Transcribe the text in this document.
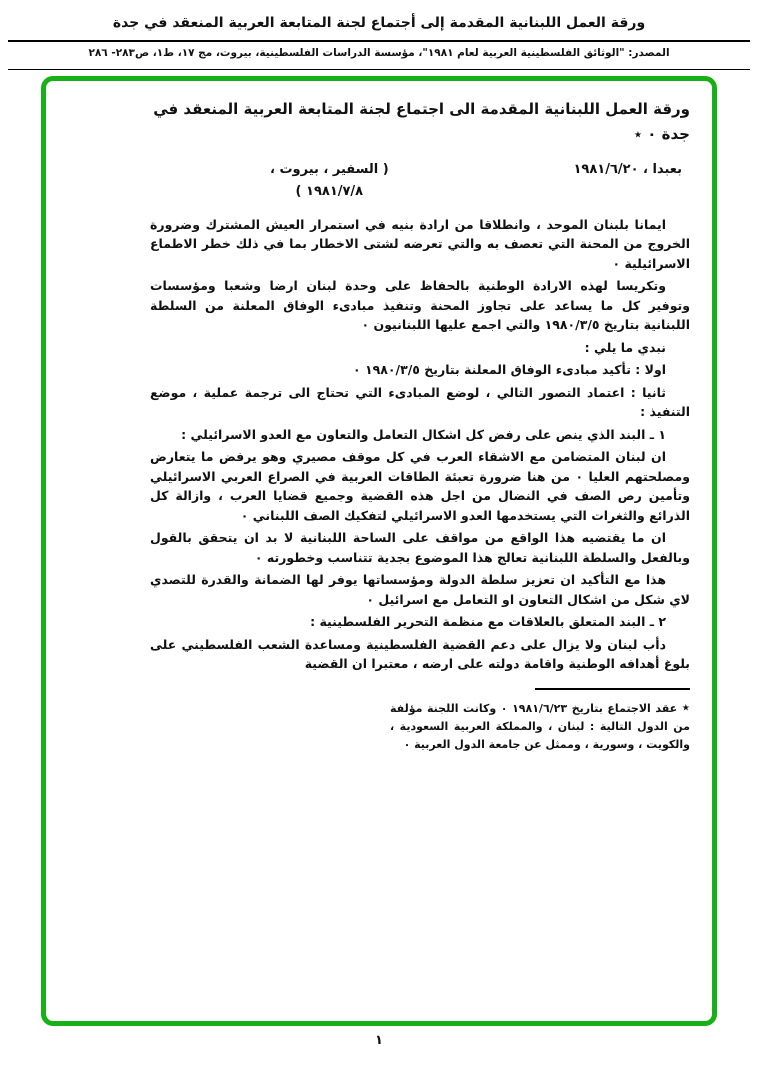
ورقة العمل اللبنانية المقدمة إلى أجتماع لجنة المتابعة العربية المنعقد في جدة
المصدر: "الوثائق الفلسطينية العربية لعام ١٩٨١"، مؤسسة الدراسات الفلسطينية، بيروت، مج ١٧، ط١، ص٢٨٣- ٢٨٦
ورقة العمل اللبنانية المقدمة الى اجتماع لجنة المتابعة العربية المنعقد في جدة ٠ ٭
بعبدا ، ١٩٨١/٦/٢٠
( السفير ، بيروت ،
١٩٨١/٧/٨ )

ايمانا بلبنان الموحد ، وانطلاقا من ارادة بنيه في استمرار العيش المشترك وضرورة الخروج من المحنة التي تعصف به والتي تعرضه لشتى الاخطار بما في ذلك خطر الاطماع الاسرائيلية ٠

وتكريسا لهذه الارادة الوطنية بالحفاظ على وحدة لبنان ارضا وشعبا ومؤسسات وتوفير كل ما يساعد على تجاوز المحنة وتنفيذ مبادىء الوفاق المعلنة من السلطة اللبنانية بتاريخ ١٩٨٠/٣/٥ والتي اجمع عليها اللبنانيون ٠

نبدي ما يلي :

اولا : تأكيد مبادىء الوفاق المعلنة بتاريخ ١٩٨٠/٣/٥ ٠

ثانيا : اعتماد التصور التالي ، لوضع المبادىء التي تحتاج الى ترجمة عملية ، موضع التنفيذ :

١ ـ البند الذي ينص على رفض كل اشكال التعامل والتعاون مع العدو الاسرائيلي :

ان لبنان المتضامن مع الاشقاء العرب في كل موقف مصيري وهو يرفض ما يتعارض ومصلحتهم العليا ٠ من هنا ضرورة تعبئة الطاقات العربية في الصراع العربي الاسرائيلي وتأمين رص الصف في النضال من اجل هذه القضية وجميع قضايا العرب ، وازالة كل الذرائع والثغرات التي يستخدمها العدو الاسرائيلي لتفكيك الصف اللبناني ٠

ان ما يقتضيه هذا الواقع من مواقف على الساحة اللبنانية لا بد ان يتحقق بالقول وبالفعل والسلطة اللبنانية تعالج هذا الموضوع بجدية تتناسب وخطورته ٠

هذا مع التأكيد ان تعزيز سلطة الدولة ومؤسساتها يوفر لها الضمانة والقدرة للتصدي لاي شكل من اشكال التعاون او التعامل مع اسرائيل ٠

٢ ـ البند المتعلق بالعلاقات مع منظمة التحرير الفلسطينية :

دأب لبنان ولا يزال على دعم القضية الفلسطينية ومساعدة الشعب الفلسطيني على بلوغ أهدافه الوطنية واقامة دولته على ارضه ، معتبرا ان القضية

٭ عقد الاجتماع بتاريخ ١٩٨١/٦/٢٣ ٠ وكانت اللجنة مؤلفة من الدول التالية : لبنان ، والمملكة العربية السعودية ، والكويت ، وسورية ، وممثل عن جامعة الدول العربية ٠

١
